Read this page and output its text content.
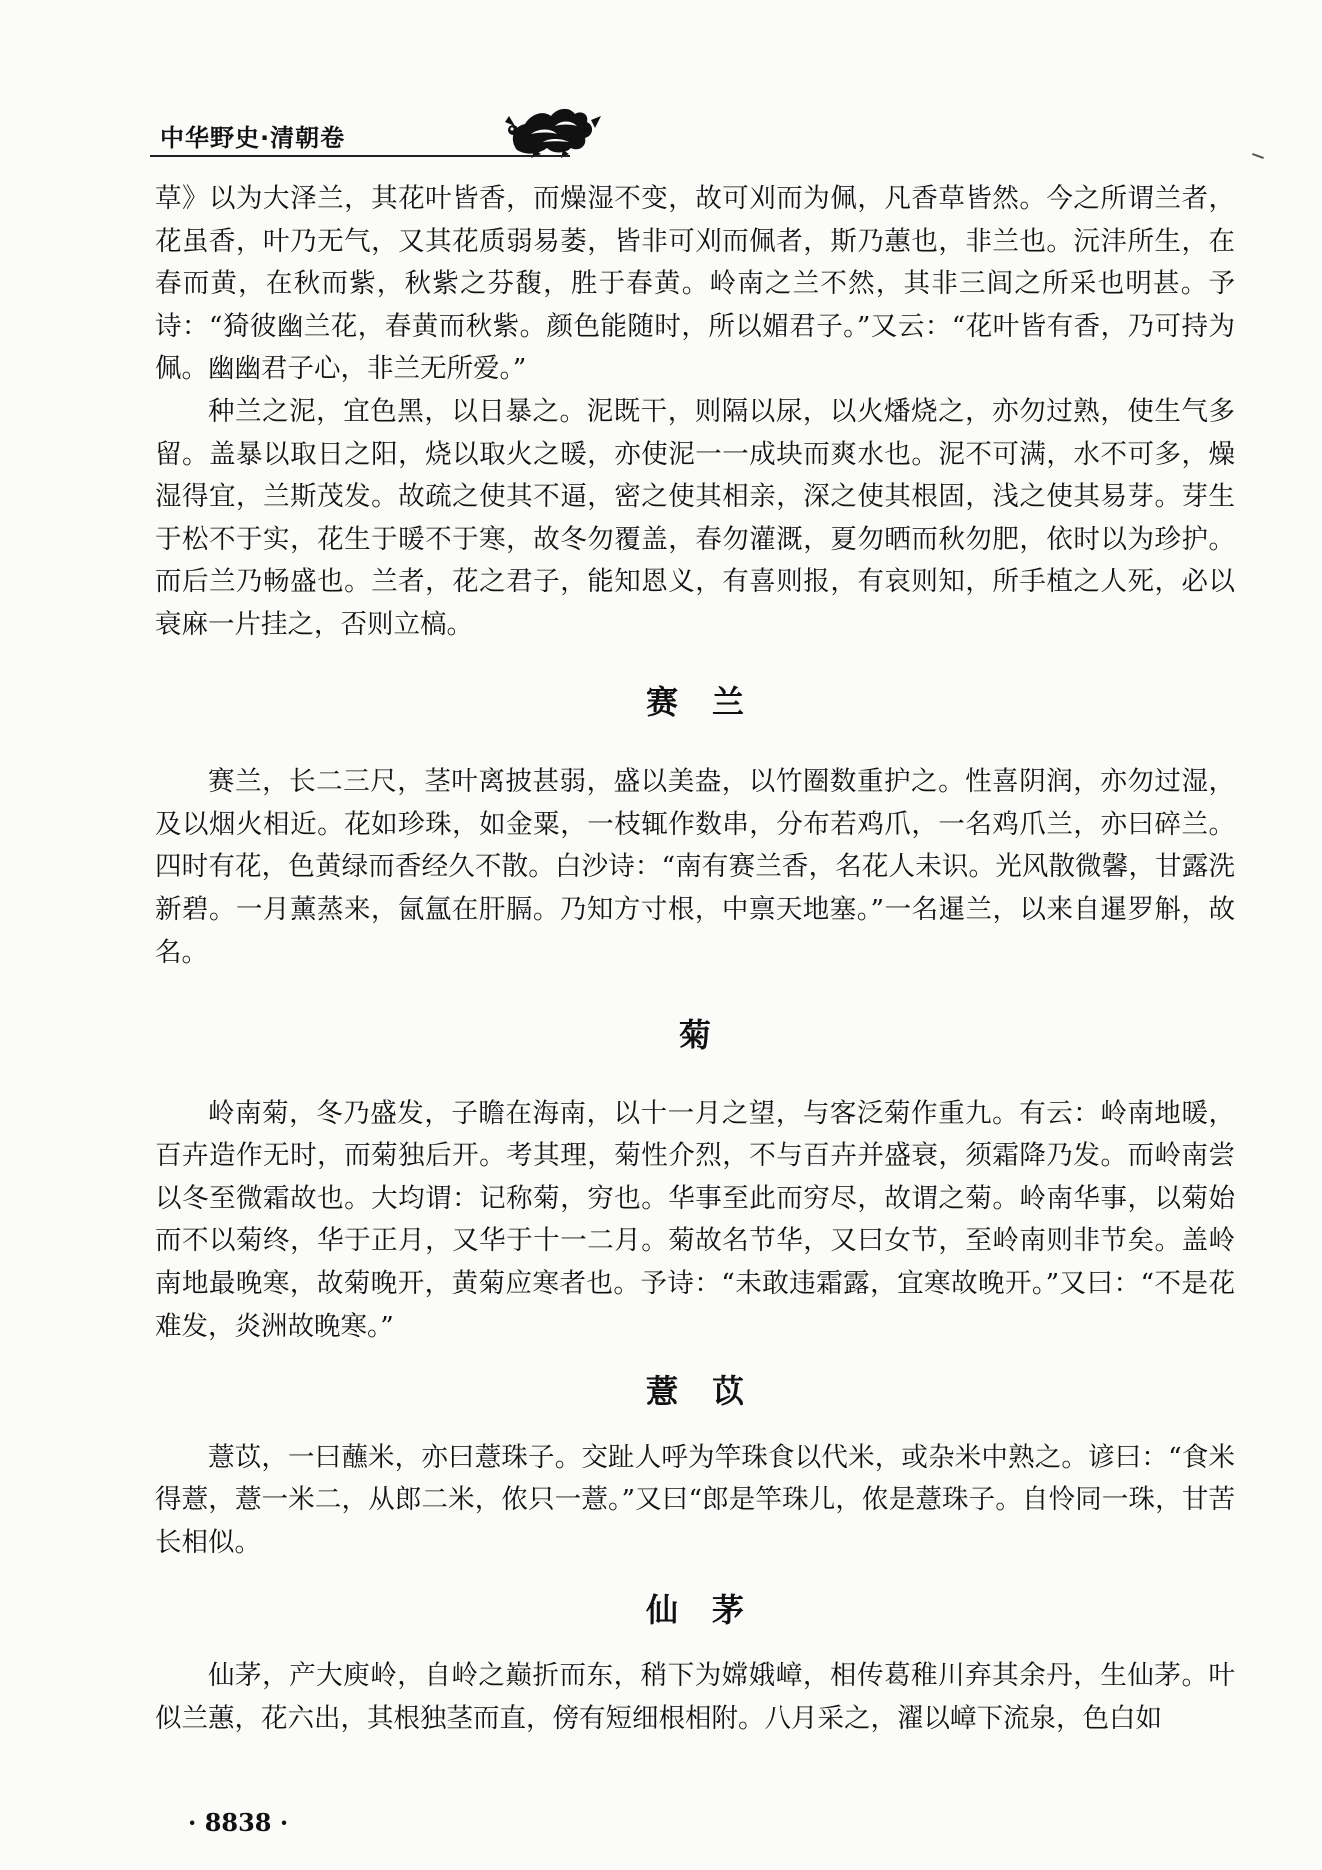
中华野史·清朝卷

草》以为大泽兰，其花叶皆香，而燥湿不变，故可刈而为佩，凡香草皆然。今之所谓兰者，花虽香，叶乃无气，又其花质弱易萎，皆非可刈而佩者，斯乃蕙也，非兰也。沅沣所生，在春而黄，在秋而紫，秋紫之芬馥，胜于春黄。岭南之兰不然，其非三闾之所采也明甚。予诗：“猗彼幽兰花，春黄而秋紫。颜色能随时，所以媚君子。”又云：“花叶皆有香，乃可持为佩。幽幽君子心，非兰无所爱。”

种兰之泥，宜色黑，以日暴之。泥既干，则隔以尿，以火燔烧之，亦勿过熟，使生气多留。盖暴以取日之阳，烧以取火之暖，亦使泥一一成块而爽水也。泥不可满，水不可多，燥湿得宜，兰斯茂发。故疏之使其不逼，密之使其相亲，深之使其根固，浅之使其易芽。芽生于松不于实，花生于暖不于寒，故冬勿覆盖，春勿灌溉，夏勿晒而秋勿肥，依时以为珍护。而后兰乃畅盛也。兰者，花之君子，能知恩义，有喜则报，有哀则知，所手植之人死，必以衰麻一片挂之，否则立槁。

赛兰

赛兰，长二三尺，茎叶离披甚弱，盛以美盎，以竹圈数重护之。性喜阴润，亦勿过湿，及以烟火相近。花如珍珠，如金粟，一枝辄作数串，分布若鸡爪，一名鸡爪兰，亦曰碎兰。四时有花，色黄绿而香经久不散。白沙诗：“南有赛兰香，名花人未识。光风散微馨，甘露洗新碧。一月薰蒸来，氤氲在肝膈。乃知方寸根，中禀天地塞。”一名暹兰，以来自暹罗斛，故名。

菊

岭南菊，冬乃盛发，子瞻在海南，以十一月之望，与客泛菊作重九。有云：岭南地暖，百卉造作无时，而菊独后开。考其理，菊性介烈，不与百卉并盛衰，须霜降乃发。而岭南尝以冬至微霜故也。大均谓：记称菊，穷也。华事至此而穷尽，故谓之菊。岭南华事，以菊始而不以菊终，华于正月，又华于十一二月。菊故名节华，又曰女节，至岭南则非节矣。盖岭南地最晚寒，故菊晚开，黄菊应寒者也。予诗：“未敢违霜露，宜寒故晚开。”又曰：“不是花难发，炎洲故晚寒。”

薏苡

薏苡，一曰蘸米，亦曰薏珠子。交趾人呼为竿珠食以代米，或杂米中熟之。谚曰：“食米得薏，薏一米二，从郎二米，侬只一薏。”又曰“郎是竿珠儿，侬是薏珠子。自怜同一珠，甘苦长相似。

仙茅

仙茅，产大庾岭，自岭之巅折而东，稍下为嫦娥嶂，相传葛稚川弃其余丹，生仙茅。叶似兰蕙，花六出，其根独茎而直，傍有短细根相附。八月采之，濯以嶂下流泉，色白如

· 8838 ·
